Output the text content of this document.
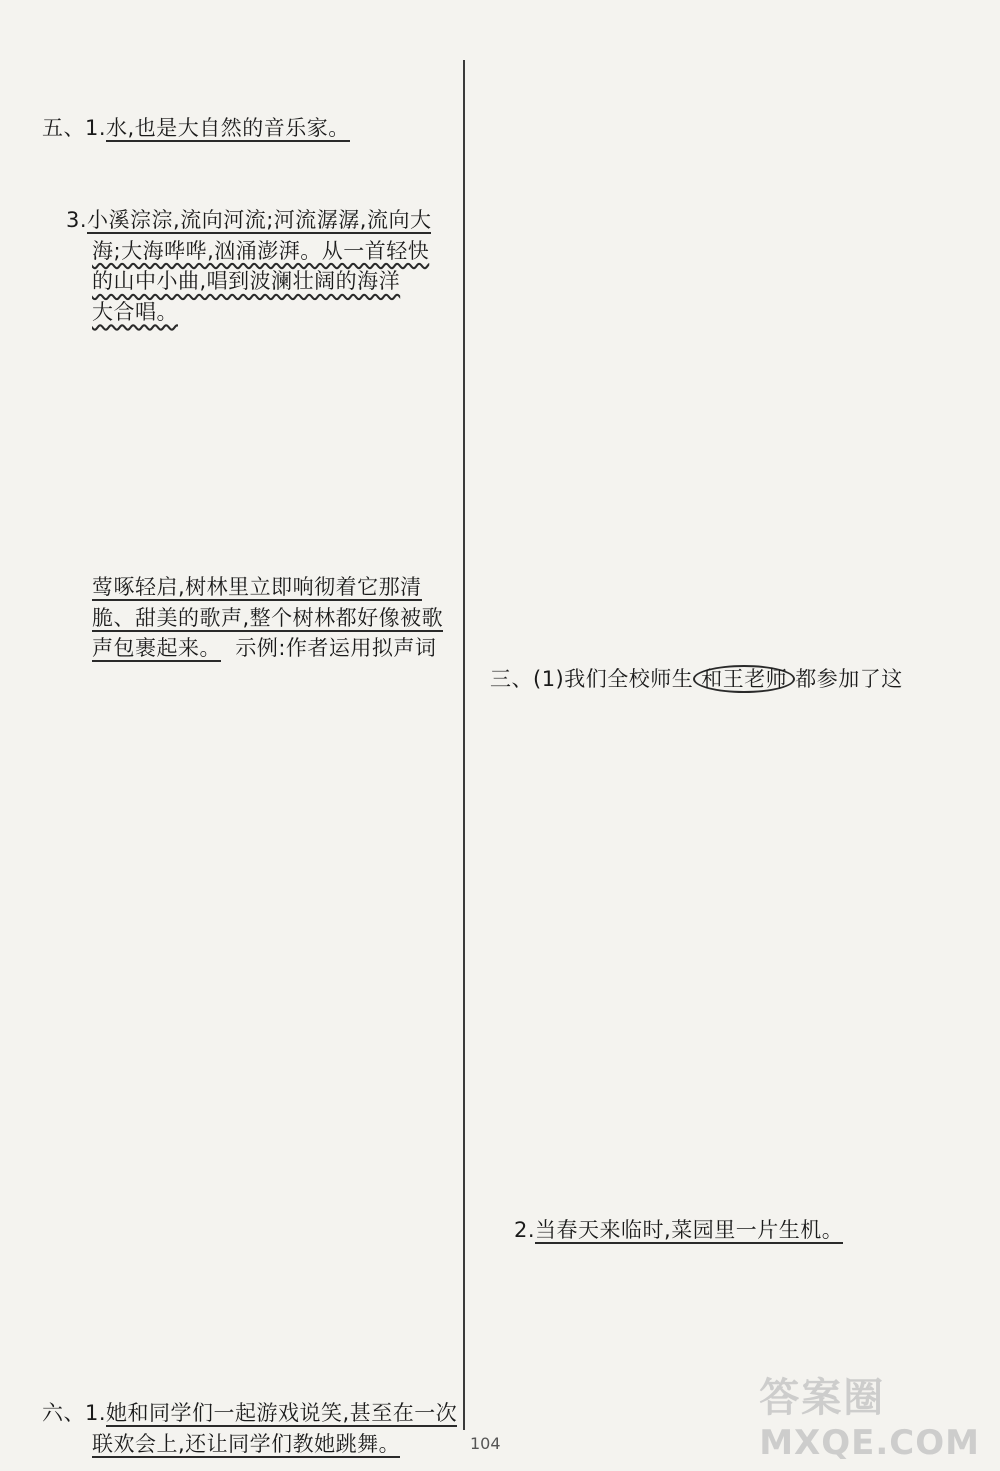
五、1.水,也是大自然的音乐家。
3.小溪淙淙,流向河流;河流潺潺,流向大
海;大海哗哗,汹涌澎湃。从一首轻快
的山中小曲,唱到波澜壮阔的海洋
大合唱。
莺啄轻启,树林里立即响彻着它那清
脆、甜美的歌声,整个树林都好像被歌
声包裹起来。  示例:作者运用拟声词
六、1.她和同学们一起游戏说笑,甚至在一次
联欢会上,还让同学们教她跳舞。
三、(1)我们全校师生 和王老师 都参加了这
2.当春天来临时,菜园里一片生机。
104
答案圈
MXQE.COM
